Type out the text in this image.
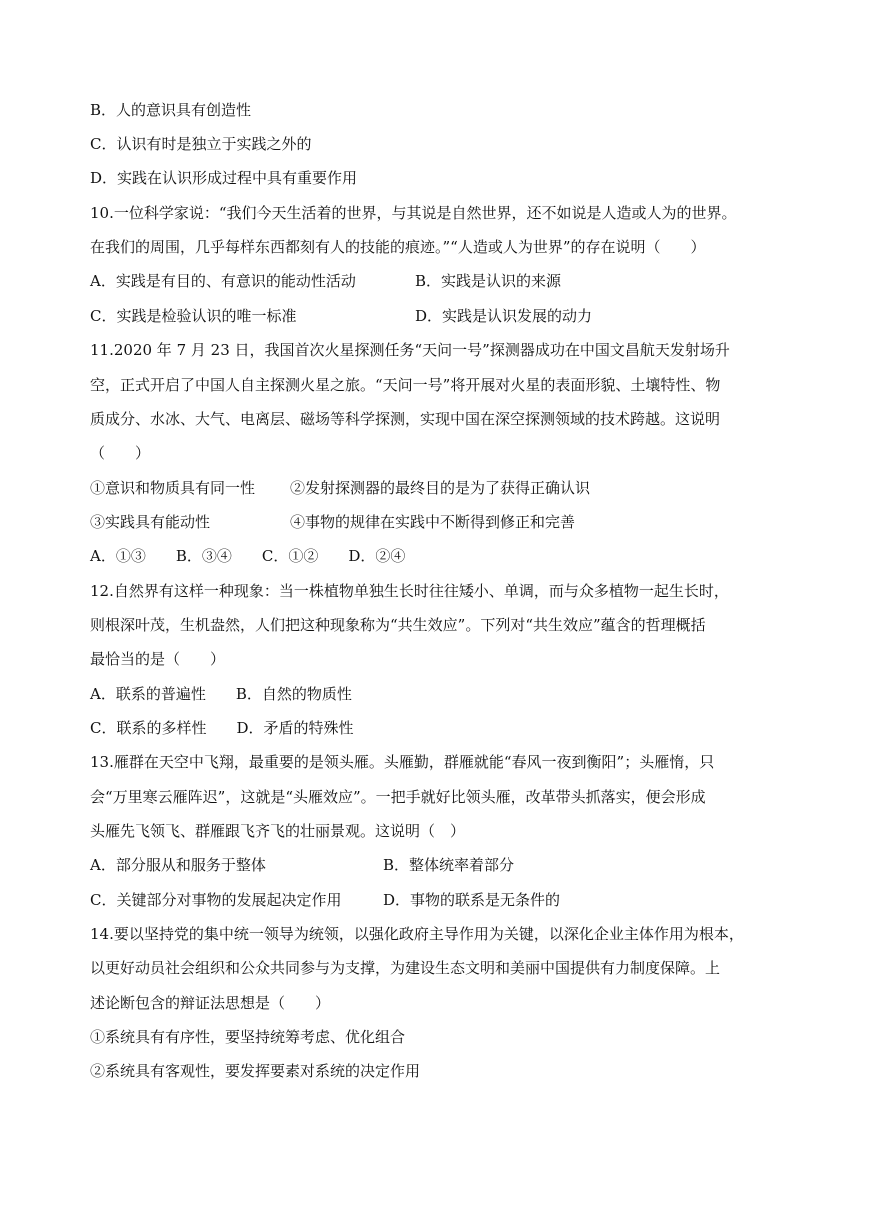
B．人的意识具有创造性
C．认识有时是独立于实践之外的
D．实践在认识形成过程中具有重要作用
10.一位科学家说：“我们今天生活着的世界，与其说是自然世界，还不如说是人造或人为的世界。
在我们的周围，几乎每样东西都刻有人的技能的痕迹。”“人造或人为世界”的存在说明（　　）
A．实践是有目的、有意识的能动性活动	B．实践是认识的来源
C．实践是检验认识的唯一标准	D．实践是认识发展的动力
11.2020 年 7 月 23 日，我国首次火星探测任务“天问一号”探测器成功在中国文昌航天发射场升
空，正式开启了中国人自主探测火星之旅。“天问一号”将开展对火星的表面形貌、土壤特性、物
质成分、水冰、大气、电离层、磁场等科学探测，实现中国在深空探测领域的技术跨越。这说明
（　　）
①意识和物质具有同一性 ②发射探测器的最终目的是为了获得正确认识
③实践具有能动性	④事物的规律在实践中不断得到修正和完善
A．①③　　B．③④　　C．①②　　D．②④
12.自然界有这样一种现象：当一株植物单独生长时往往矮小、单调，而与众多植物一起生长时，
则根深叶茂，生机盎然，人们把这种现象称为“共生效应”。下列对“共生效应”蕴含的哲理概括
最恰当的是（　　）
A．联系的普遍性　　B．自然的物质性
C．联系的多样性　　D．矛盾的特殊性
13.雁群在天空中飞翔，最重要的是领头雁。头雁勤，群雁就能“春风一夜到衡阳”；头雁惰，只
会“万里寒云雁阵迟”，这就是“头雁效应”。一把手就好比领头雁，改革带头抓落实，便会形成
头雁先飞领飞、群雁跟飞齐飞的壮丽景观。这说明（　）
A．部分服从和服务于整体	B．整体统率着部分
C．关键部分对事物的发展起决定作用	D．事物的联系是无条件的
14.要以坚持党的集中统一领导为统领，以强化政府主导作用为关键，以深化企业主体作用为根本，
以更好动员社会组织和公众共同参与为支撑，为建设生态文明和美丽中国提供有力制度保障。上
述论断包含的辩证法思想是（　　）
①系统具有有序性，要坚持统筹考虑、优化组合
②系统具有客观性，要发挥要素对系统的决定作用
